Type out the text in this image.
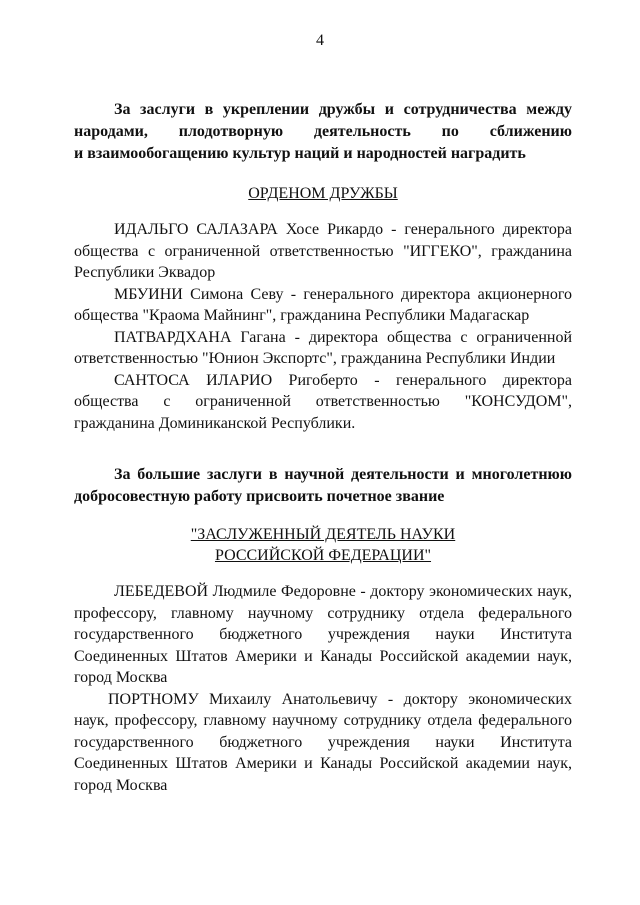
4
За заслуги в укреплении дружбы и сотрудничества между
народами, плодотворную деятельность по сближению
и взаимообогащению культур наций и народностей наградить
ОРДЕНОМ ДРУЖБЫ

ИДАЛЬГО САЛАЗАРА Хосе Рикардо - генерального директора общества с ограниченной ответственностью "ИГГЕКО", гражданина Республики Эквадор

МБУИНИ Симона Севу - генерального директора акционерного общества "Краома Майнинг", гражданина Республики Мадагаскар

ПАТВАРДХАНА Гагана - директора общества с ограниченной ответственностью "Юнион Экспортс", гражданина Республики Индии

САНТОСА ИЛАРИО Ригоберто - генерального директора общества с ограниченной ответственностью "КОНСУДОМ", гражданина Доминиканской Республики.

За большие заслуги в научной деятельности и многолетнюю
добросовестную работу присвоить почетное звание
"ЗАСЛУЖЕННЫЙ ДЕЯТЕЛЬ НАУКИ
РОССИЙСКОЙ ФЕДЕРАЦИИ"

ЛЕБЕДЕВОЙ Людмиле Федоровне - доктору экономических наук, профессору, главному научному сотруднику отдела федерального государственного бюджетного учреждения науки Института Соединенных Штатов Америки и Канады Российской академии наук, город Москва

ПОРТНОМУ Михаилу Анатольевичу - доктору экономических наук, профессору, главному научному сотруднику отдела федерального государственного бюджетного учреждения науки Института Соединенных Штатов Америки и Канады Российской академии наук, город Москва
